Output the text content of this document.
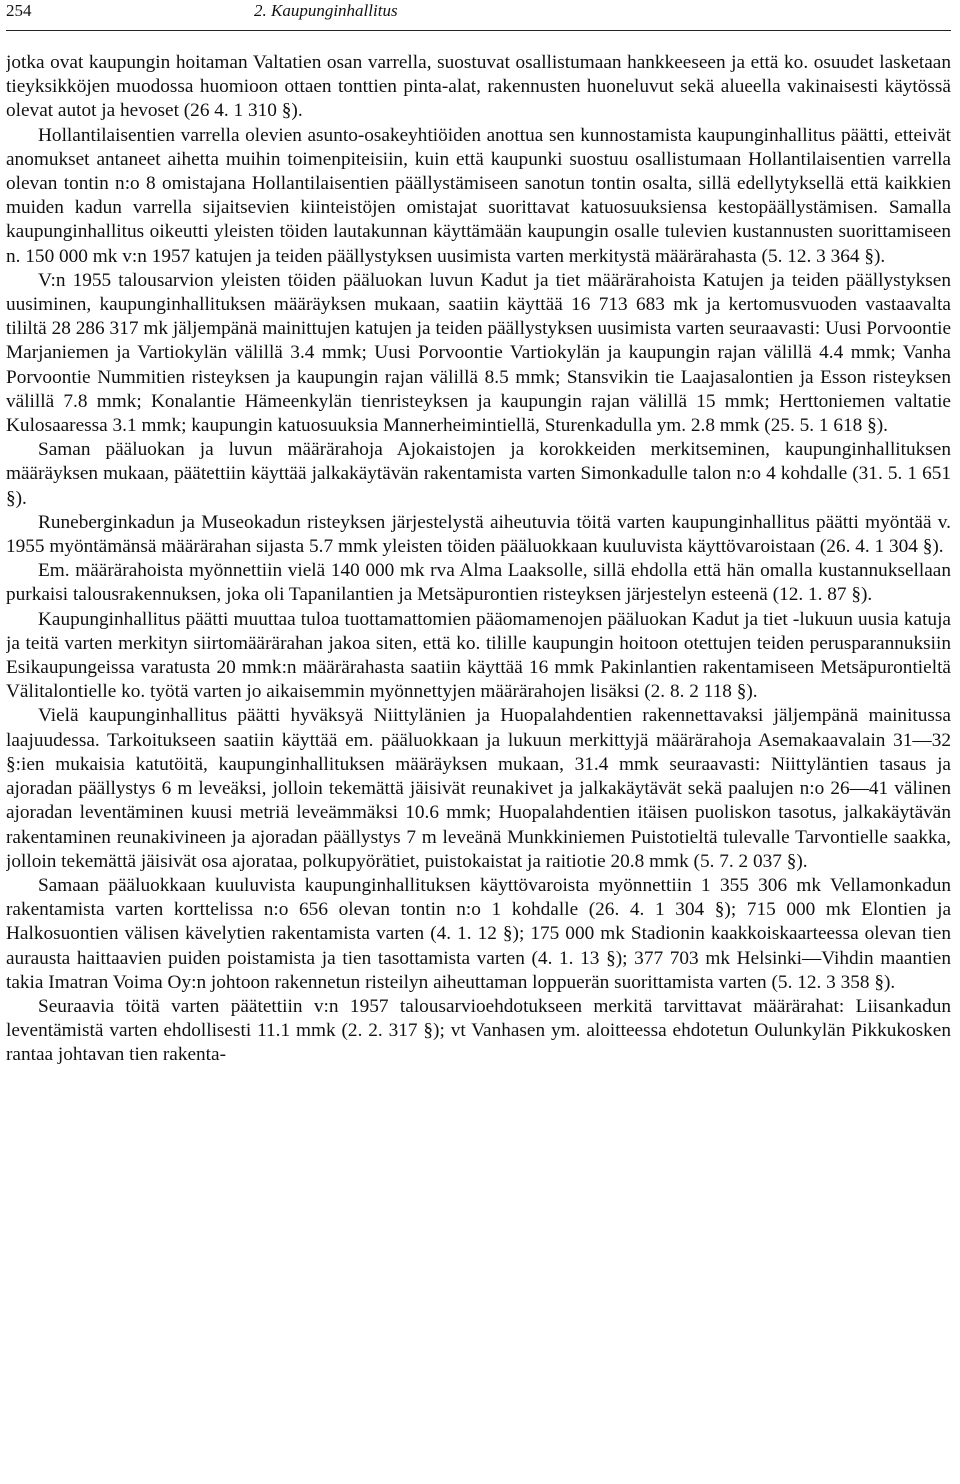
254	2. Kaupunginhallitus

jotka ovat kaupungin hoitaman Valtatien osan varrella, suostuvat osallistumaan hankkeeseen ja että ko. osuudet lasketaan tieyksikköjen muodossa huomioon ottaen tonttien pinta-alat, rakennusten huoneluvut sekä alueella vakinaisesti käytössä olevat autot ja hevoset (26 4. 1 310 §).

Hollantilaisentien varrella olevien asunto-osakeyhtiöiden anottua sen kunnostamista kaupunginhallitus päätti, etteivät anomukset antaneet aihetta muihin toimenpiteisiin, kuin että kaupunki suostuu osallistumaan Hollantilaisentien varrella olevan tontin n:o 8 omistajana Hollantilaisentien päällystämiseen sanotun tontin osalta, sillä edellytyksellä että kaikkien muiden kadun varrella sijaitsevien kiinteistöjen omistajat suorittavat katuosuuksiensa kestopäällystämisen. Samalla kaupunginhallitus oikeutti yleisten töiden lautakunnan käyttämään kaupungin osalle tulevien kustannusten suorittamiseen n. 150 000 mk v:n 1957 katujen ja teiden päällystyksen uusimista varten merkitystä määrärahasta (5. 12. 3 364 §).

V:n 1955 talousarvion yleisten töiden pääluokan luvun Kadut ja tiet määrärahoista Katujen ja teiden päällystyksen uusiminen, kaupunginhallituksen määräyksen mukaan, saatiin käyttää 16 713 683 mk ja kertomusvuoden vastaavalta tililtä 28 286 317 mk jäljempänä mainittujen katujen ja teiden päällystyksen uusimista varten seuraavasti: Uusi Porvoontie Marjaniemen ja Vartiokylän välillä 3.4 mmk; Uusi Porvoontie Vartiokylän ja kaupungin rajan välillä 4.4 mmk; Vanha Porvoontie Nummitien risteyksen ja kaupungin rajan välillä 8.5 mmk; Stansvikin tie Laajasalontien ja Esson risteyksen välillä 7.8 mmk; Konalantie Hämeenkylän tienristeyksen ja kaupungin rajan välillä 15 mmk; Herttoniemen valtatie Kulosaaressa 3.1 mmk; kaupungin katuosuuksia Mannerheimintiellä, Sturenkadulla ym. 2.8 mmk (25. 5. 1 618 §).

Saman pääluokan ja luvun määrärahoja Ajokaistojen ja korokkeiden merkitseminen, kaupunginhallituksen määräyksen mukaan, päätettiin käyttää jalkakäytävän rakentamista varten Simonkadulle talon n:o 4 kohdalle (31. 5. 1 651 §).

Runeberginkadun ja Museokadun risteyksen järjestelystä aiheutuvia töitä varten kaupunginhallitus päätti myöntää v. 1955 myöntämänsä määrärahan sijasta 5.7 mmk yleisten töiden pääluokkaan kuuluvista käyttövaroistaan (26. 4. 1 304 §).

Em. määrärahoista myönnettiin vielä 140 000 mk rva Alma Laaksolle, sillä ehdolla että hän omalla kustannuksellaan purkaisi talousrakennuksen, joka oli Tapanilantien ja Metsäpurontien risteyksen järjestelyn esteenä (12. 1. 87 §).

Kaupunginhallitus päätti muuttaa tuloa tuottamattomien pääomamenojen pääluokan Kadut ja tiet -lukuun uusia katuja ja teitä varten merkityn siirtomäärärahan jakoa siten, että ko. tilille kaupungin hoitoon otettujen teiden perusparannuksiin Esikaupungeissa varatusta 20 mmk:n määrärahasta saatiin käyttää 16 mmk Pakinlantien rakentamiseen Metsäpurontieltä Välitalontielle ko. työtä varten jo aikaisemmin myönnettyjen määrärahojen lisäksi (2. 8. 2 118 §).

Vielä kaupunginhallitus päätti hyväksyä Niittylänien ja Huopalahdentien rakennettavaksi jäljempänä mainitussa laajuudessa. Tarkoitukseen saatiin käyttää em. pääluokkaan ja lukuun merkittyjä määrärahoja Asemakaavalain 31—32 §:ien mukaisia katutöitä, kaupunginhallituksen määräyksen mukaan, 31.4 mmk seuraavasti: Niittyläntien tasaus ja ajoradan päällystys 6 m leveäksi, jolloin tekemättä jäisivät reunakivet ja jalkakäytävät sekä paalujen n:o 26—41 välinen ajoradan leventäminen kuusi metriä leveämmäksi 10.6 mmk; Huopalahdentien itäisen puoliskon tasotus, jalkakäytävän rakentaminen reunakivineen ja ajoradan päällystys 7 m leveänä Munkkiniemen Puistotieltä tulevalle Tarvontielle saakka, jolloin tekemättä jäisivät osa ajorataa, polkupyörätiet, puistokaistat ja raitiotie 20.8 mmk (5. 7. 2 037 §).

Samaan pääluokkaan kuuluvista kaupunginhallituksen käyttövaroista myönnettiin 1 355 306 mk Vellamonkadun rakentamista varten korttelissa n:o 656 olevan tontin n:o 1 kohdalle (26. 4. 1 304 §); 715 000 mk Elontien ja Halkosuontien välisen kävelytien rakentamista varten (4. 1. 12 §); 175 000 mk Stadionin kaakkoiskaarteessa olevan tien aurausta haittaavien puiden poistamista ja tien tasottamista varten (4. 1. 13 §); 377 703 mk Helsinki—Vihdin maantien takia Imatran Voima Oy:n johtoon rakennetun risteilyn aiheuttaman loppuerän suorittamista varten (5. 12. 3 358 §).

Seuraavia töitä varten päätettiin v:n 1957 talousarvioehdotukseen merkitä tarvittavat määrärahat: Liisankadun leventämistä varten ehdollisesti 11.1 mmk (2. 2. 317 §); vt Vanhasen ym. aloitteessa ehdotetun Oulunkylän Pikkukosken rantaa johtavan tien rakenta-
